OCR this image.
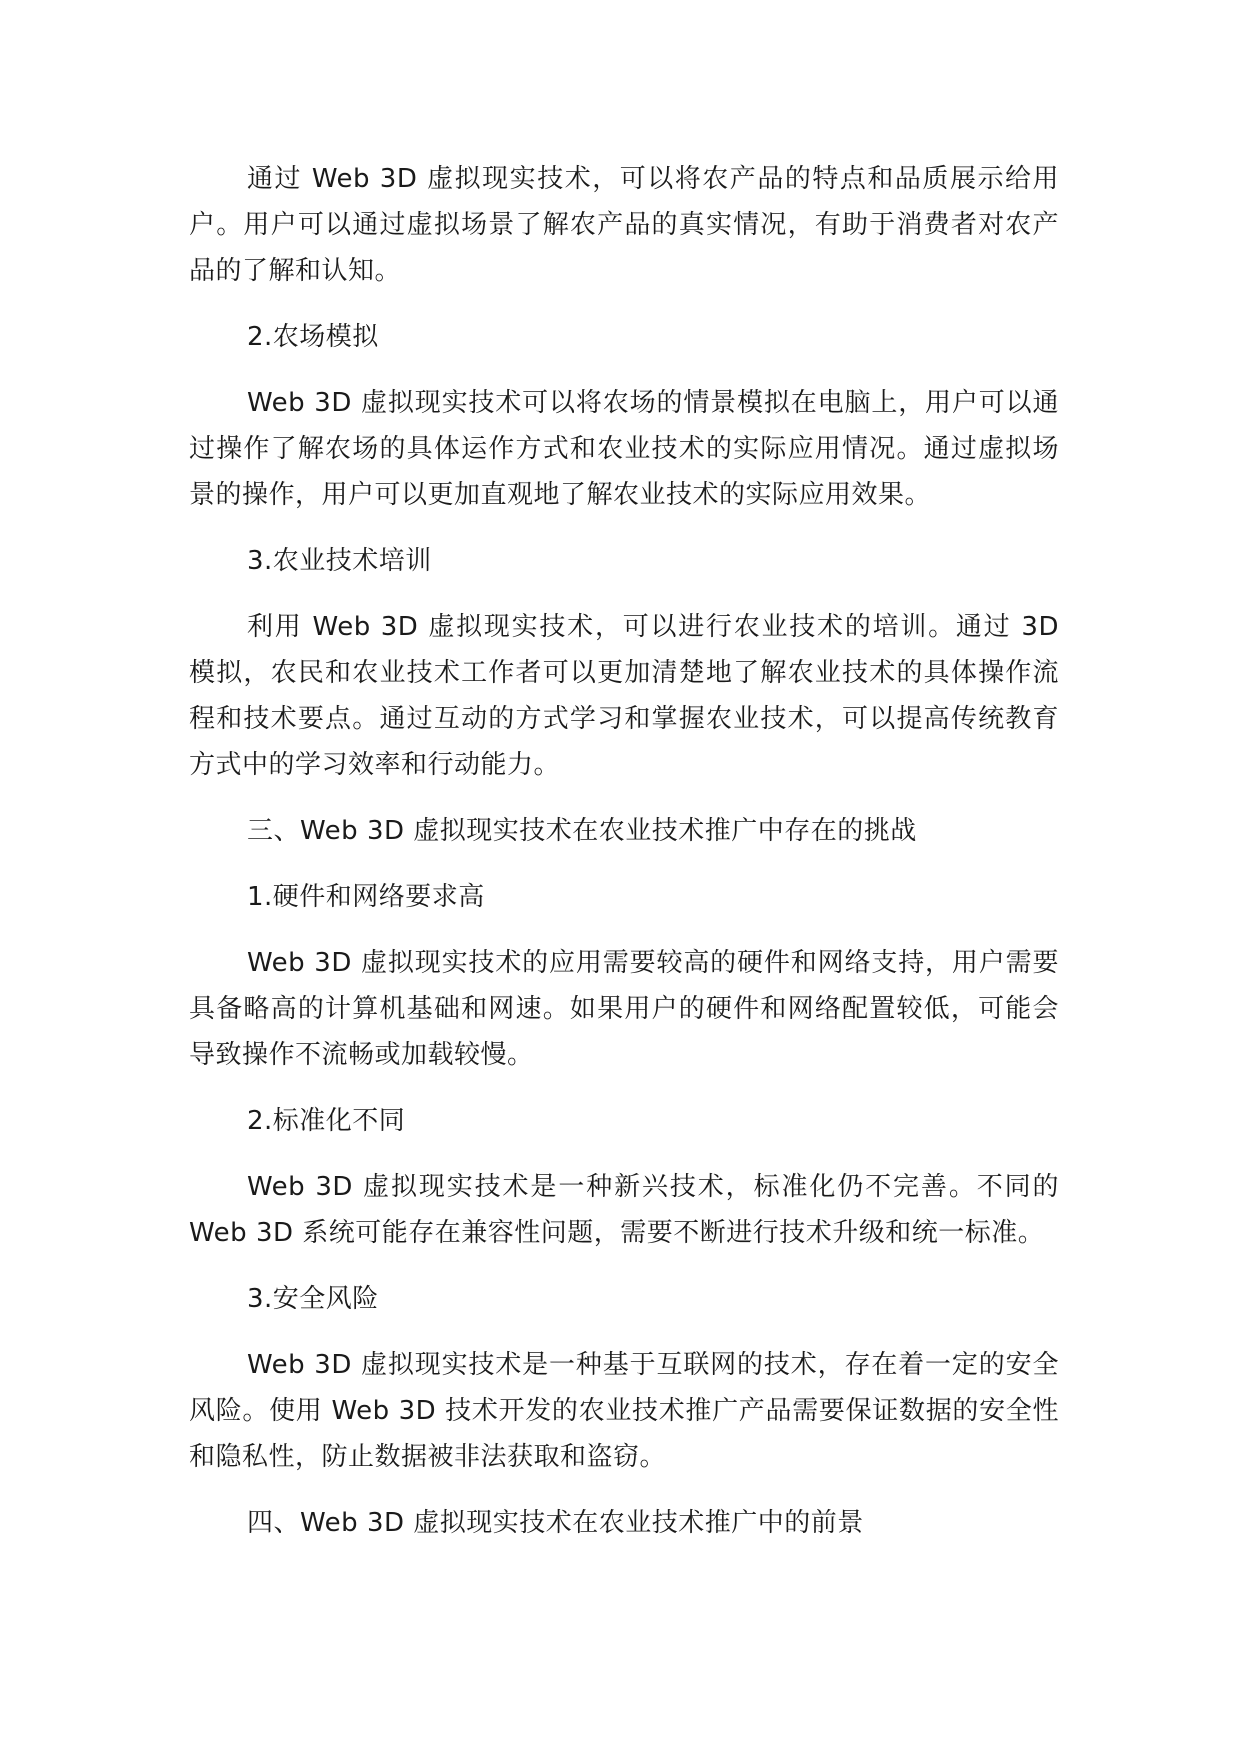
通过 Web 3D 虚拟现实技术，可以将农产品的特点和品质展示给用户。用户可以通过虚拟场景了解农产品的真实情况，有助于消费者对农产品的了解和认知。

2.农场模拟

Web 3D 虚拟现实技术可以将农场的情景模拟在电脑上，用户可以通过操作了解农场的具体运作方式和农业技术的实际应用情况。通过虚拟场景的操作，用户可以更加直观地了解农业技术的实际应用效果。

3.农业技术培训

利用 Web 3D 虚拟现实技术，可以进行农业技术的培训。通过 3D 模拟，农民和农业技术工作者可以更加清楚地了解农业技术的具体操作流程和技术要点。通过互动的方式学习和掌握农业技术，可以提高传统教育方式中的学习效率和行动能力。

三、Web 3D 虚拟现实技术在农业技术推广中存在的挑战

1.硬件和网络要求高

Web 3D 虚拟现实技术的应用需要较高的硬件和网络支持，用户需要具备略高的计算机基础和网速。如果用户的硬件和网络配置较低，可能会导致操作不流畅或加载较慢。

2.标准化不同

Web 3D 虚拟现实技术是一种新兴技术，标准化仍不完善。不同的 Web 3D 系统可能存在兼容性问题，需要不断进行技术升级和统一标准。

3.安全风险

Web 3D 虚拟现实技术是一种基于互联网的技术，存在着一定的安全风险。使用 Web 3D 技术开发的农业技术推广产品需要保证数据的安全性和隐私性，防止数据被非法获取和盗窃。

四、Web 3D 虚拟现实技术在农业技术推广中的前景
